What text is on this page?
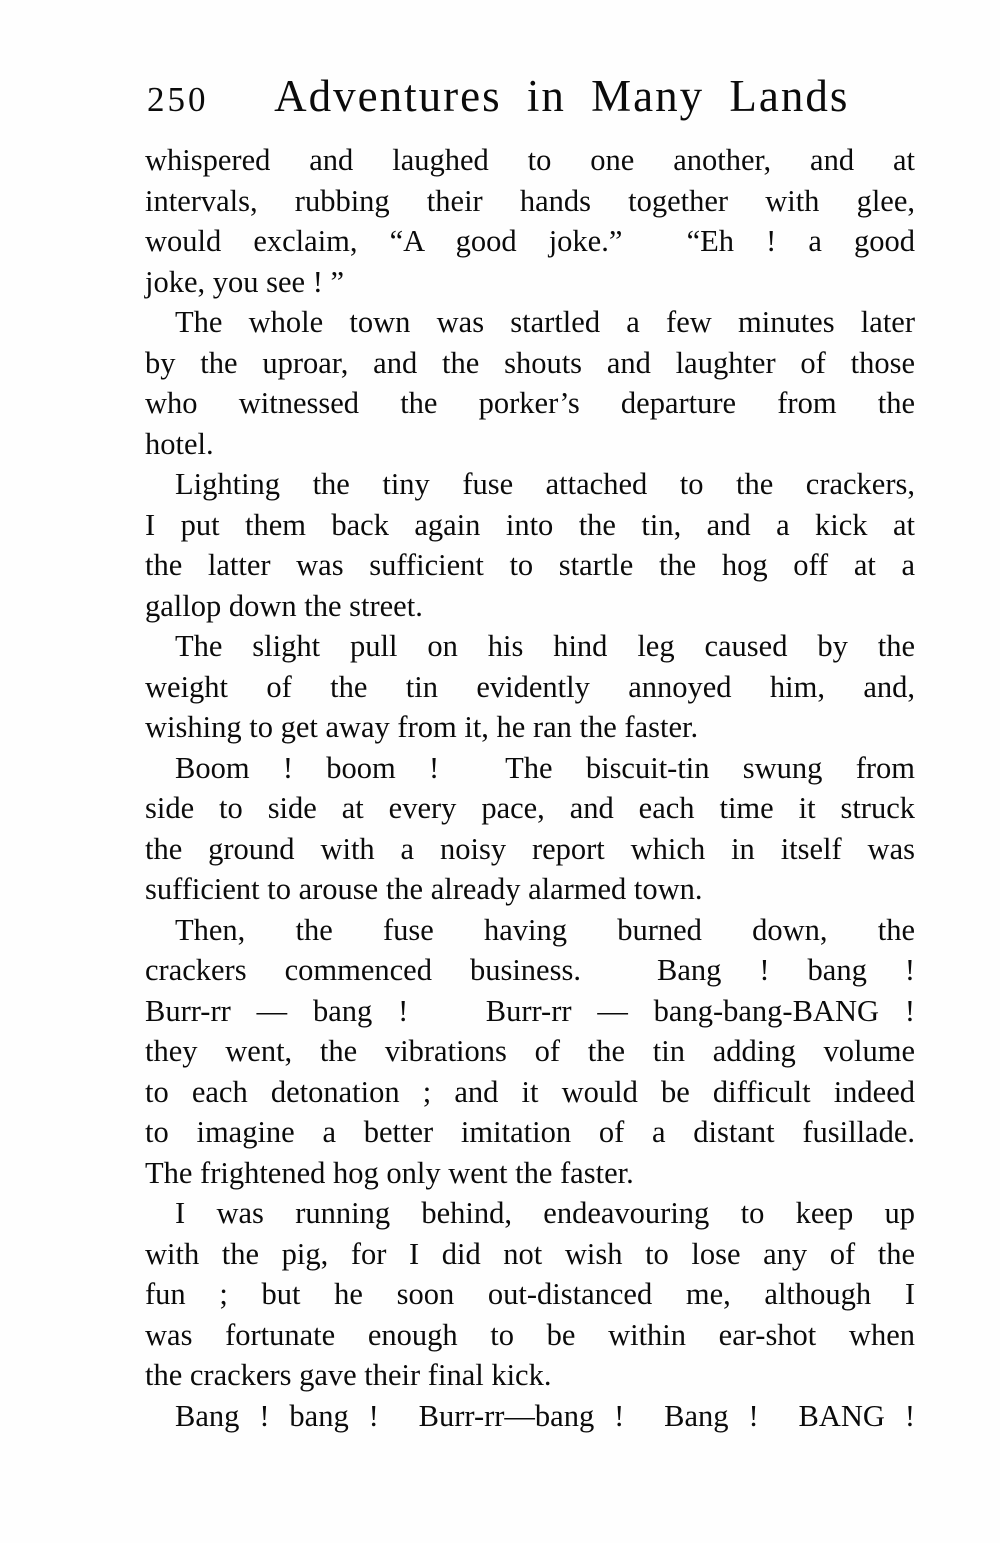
250	Adventures in Many Lands

whispered and laughed to one another, and at
intervals, rubbing their hands together with glee,
would exclaim, “A good joke.”  “Eh ! a good
joke, you see ! ”

The whole town was startled a few minutes later
by the uproar, and the shouts and laughter of those
who witnessed the porker’s departure from the
hotel.

Lighting the tiny fuse attached to the crackers,
I put them back again into the tin, and a kick at
the latter was sufficient to startle the hog off at a
gallop down the street.

The slight pull on his hind leg caused by the
weight of the tin evidently annoyed him, and,
wishing to get away from it, he ran the faster.

Boom ! boom !  The biscuit-tin swung from
side to side at every pace, and each time it struck
the ground with a noisy report which in itself was
sufficient to arouse the already alarmed town.

Then, the fuse having burned down, the
crackers commenced business.  Bang ! bang !
Burr-rr — bang !   Burr-rr — bang-bang-BANG !
they went, the vibrations of the tin adding volume
to each detonation ; and it would be difficult indeed
to imagine a better imitation of a distant fusillade.
The frightened hog only went the faster.

I was running behind, endeavouring to keep up
with the pig, for I did not wish to lose any of the
fun ; but he soon out-distanced me, although I
was fortunate enough to be within ear-shot when
the crackers gave their final kick.

Bang ! bang !  Burr-rr—bang !  Bang !  BANG !
